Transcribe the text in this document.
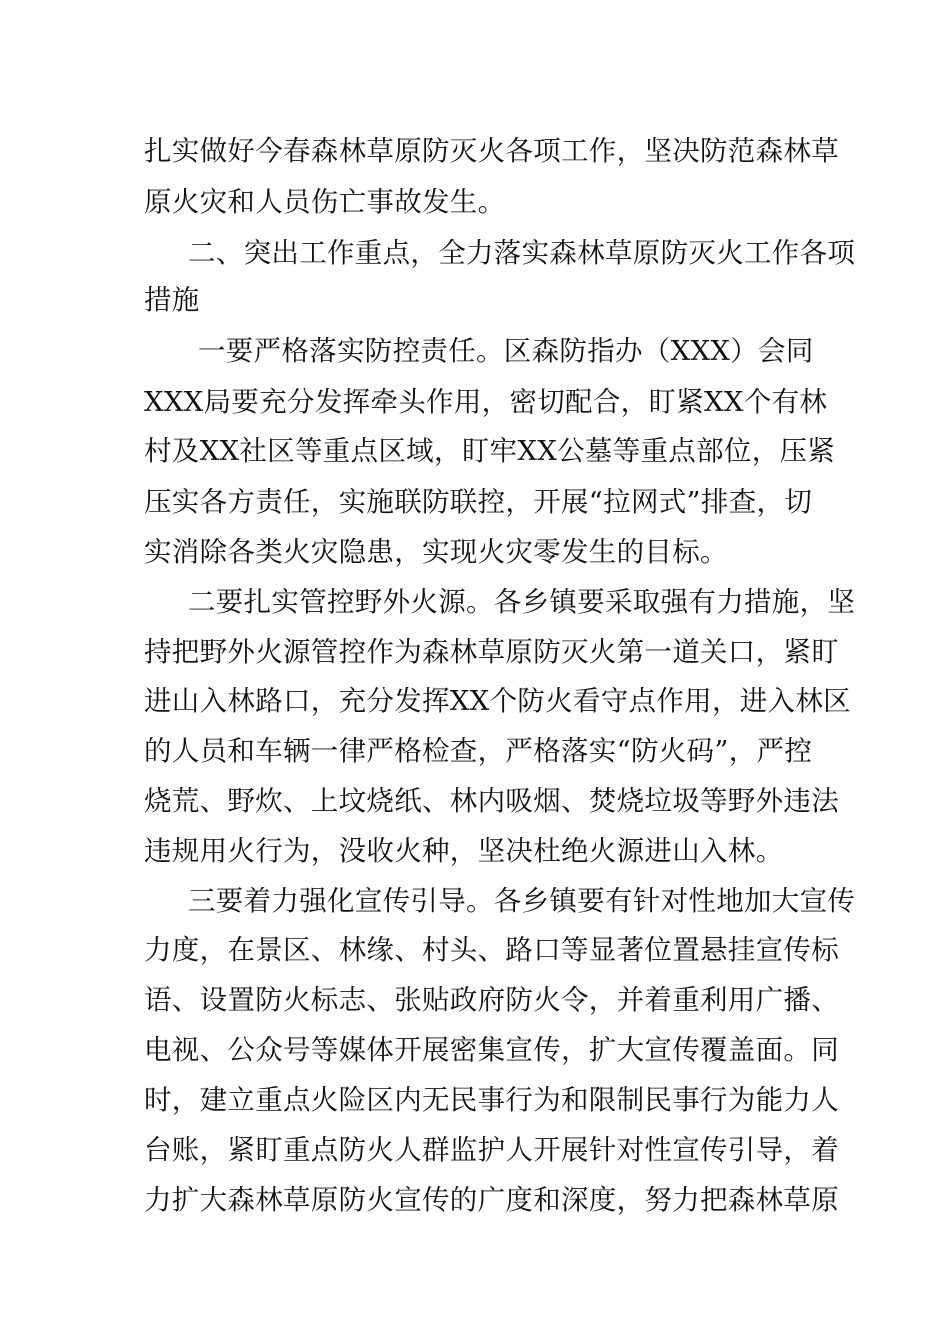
扎实做好今春森林草原防灭火各项工作，坚决防范森林草
原火灾和人员伤亡事故发生。
二、突出工作重点，全力落实森林草原防灭火工作各项
措施
一要严格落实防控责任。区森防指办（XXX）会同
XXX局要充分发挥牵头作用，密切配合，盯紧XX个有林
村及XX社区等重点区域，盯牢XX公墓等重点部位，压紧
压实各方责任，实施联防联控，开展“拉网式”排查，切
实消除各类火灾隐患，实现火灾零发生的目标。
二要扎实管控野外火源。各乡镇要采取强有力措施，坚
持把野外火源管控作为森林草原防灭火第一道关口，紧盯
进山入林路口，充分发挥XX个防火看守点作用，进入林区
的人员和车辆一律严格检查，严格落实“防火码”，严控
烧荒、野炊、上坟烧纸、林内吸烟、焚烧垃圾等野外违法
违规用火行为，没收火种，坚决杜绝火源进山入林。
三要着力强化宣传引导。各乡镇要有针对性地加大宣传
力度，在景区、林缘、村头、路口等显著位置悬挂宣传标
语、设置防火标志、张贴政府防火令，并着重利用广播、
电视、公众号等媒体开展密集宣传，扩大宣传覆盖面。同
时，建立重点火险区内无民事行为和限制民事行为能力人
台账，紧盯重点防火人群监护人开展针对性宣传引导，着
力扩大森林草原防火宣传的广度和深度，努力把森林草原
